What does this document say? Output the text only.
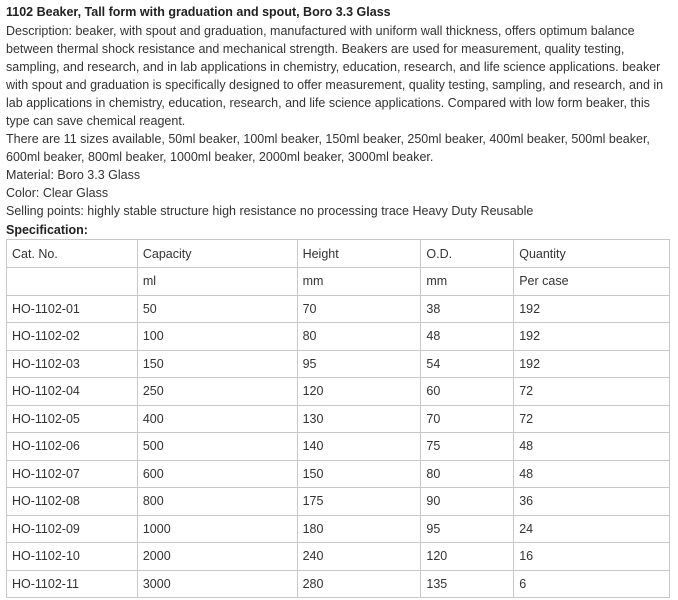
1102 Beaker, Tall form with graduation and spout, Boro 3.3 Glass

Description: beaker, with spout and graduation, manufactured with uniform wall thickness, offers optimum balance between thermal shock resistance and mechanical strength. Beakers are used for measurement, quality testing, sampling, and research, and in lab applications in chemistry, education, research, and life science applications. beaker with spout and graduation is specifically designed to offer measurement, quality testing, sampling, and research, and in lab applications in chemistry, education, research, and life science applications. Compared with low form beaker, this type can save chemical reagent.

There are 11 sizes available, 50ml beaker, 100ml beaker, 150ml beaker, 250ml beaker, 400ml beaker, 500ml beaker, 600ml beaker, 800ml beaker, 1000ml beaker, 2000ml beaker, 3000ml beaker.

Material: Boro 3.3 Glass

Color: Clear Glass

Selling points: highly stable structure high resistance no processing trace Heavy Duty Reusable

Specification:
Cat. No.	Capacity	Height	O.D.	Quantity
	ml	mm	mm	Per case
HO-1102-01	50	70	38	192
HO-1102-02	100	80	48	192
HO-1102-03	150	95	54	192
HO-1102-04	250	120	60	72
HO-1102-05	400	130	70	72
HO-1102-06	500	140	75	48
HO-1102-07	600	150	80	48
HO-1102-08	800	175	90	36
HO-1102-09	1000	180	95	24
HO-1102-10	2000	240	120	16
HO-1102-11	3000	280	135	6
